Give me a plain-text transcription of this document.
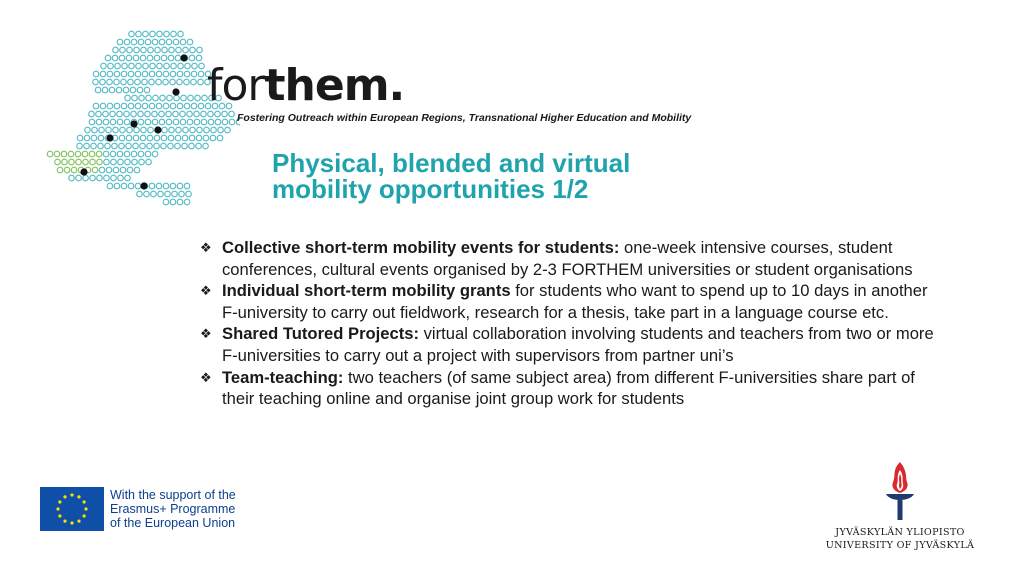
forthem.
Fostering Outreach within European Regions, Transnational Higher Education and Mobility
Physical, blended and virtual
mobility opportunities 1/2
❖ Collective short-term mobility events for students: one-week intensive courses, student conferences, cultural events organised by 2-3 FORTHEM universities or student organisations
❖ Individual short-term mobility grants for students who want to spend up to 10 days in another F-university to carry out fieldwork, research for a thesis, take part in a language course etc.
❖ Shared Tutored Projects: virtual collaboration involving students and teachers from two or more F-universities to carry out a project with supervisors from partner uni’s
❖ Team-teaching: two teachers (of same subject area) from different F-universities share part of their teaching online and organise joint group work for students
With the support of the
Erasmus+ Programme
of the European Union
JYVÄSKYLÄN YLIOPISTO
UNIVERSITY OF JYVÄSKYLÄ
